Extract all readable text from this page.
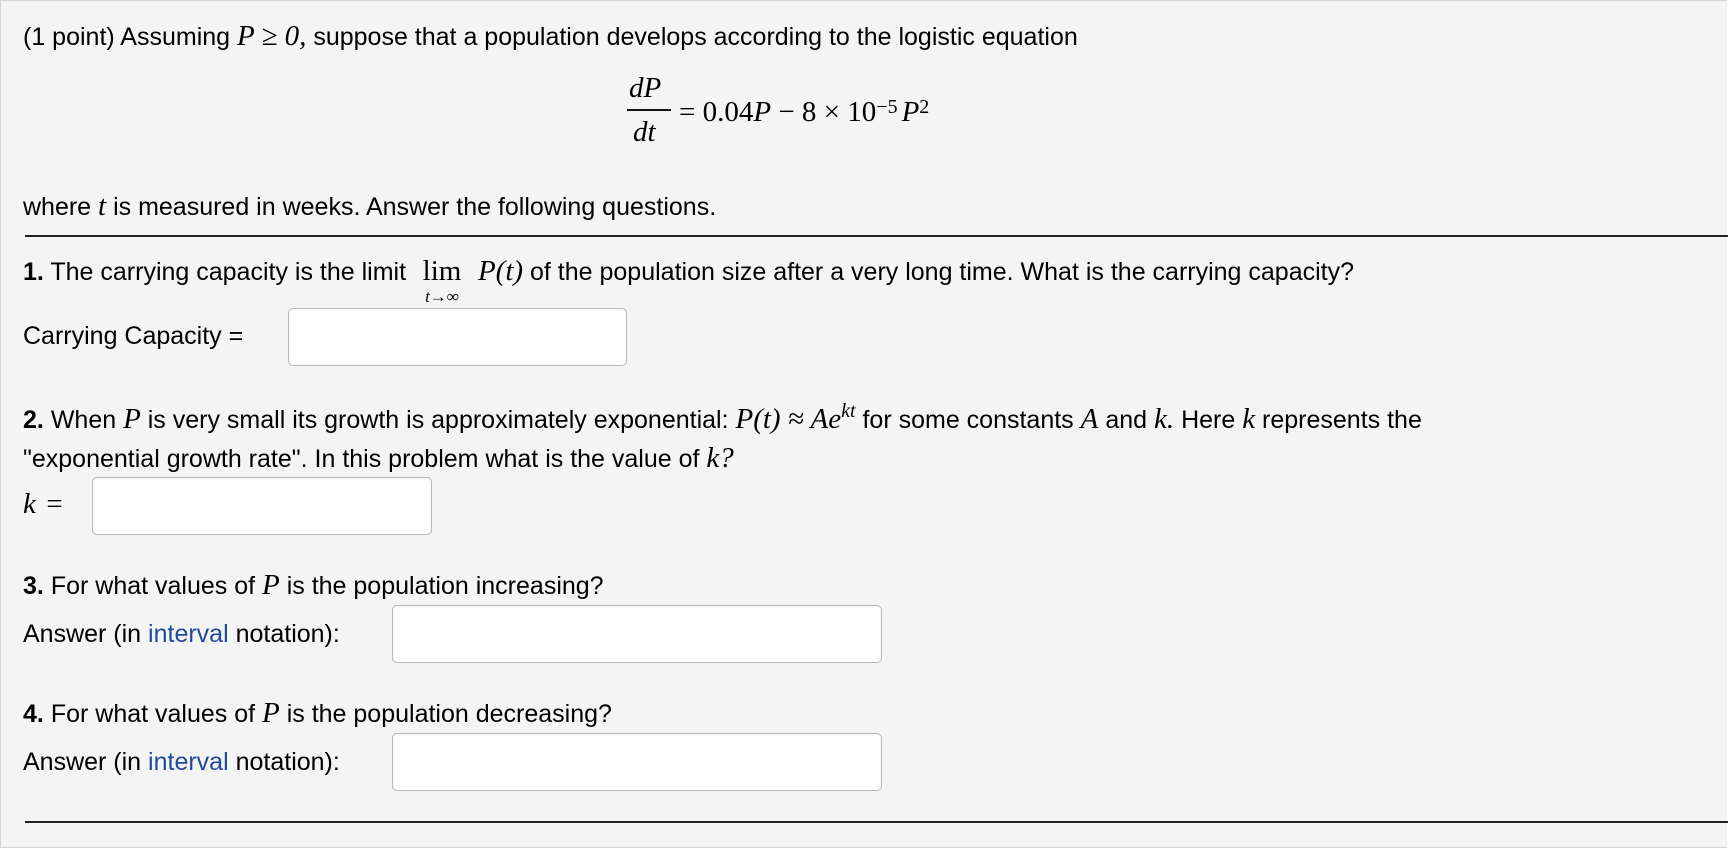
(1 point) Assuming P ≥ 0, suppose that a population develops according to the logistic equation
dP
dt
= $0.04P - 8 \times 10^{-5}$ $P^2$
where t is measured in weeks. Answer the following questions.
1. The carrying capacity is the limit lim
t→∞
P(t) of the population size after a very long time. What is the carrying capacity?
Carrying Capacity =
2. When P is very small its growth is approximately exponential: $P(t) \approx Ae^{kt}$ for some constants A and k. Here k represents the
"exponential growth rate". In this problem what is the value of k?
k =
3. For what values of P is the population increasing?
Answer (in interval notation):
4. For what values of P is the population decreasing?
Answer (in interval notation):
